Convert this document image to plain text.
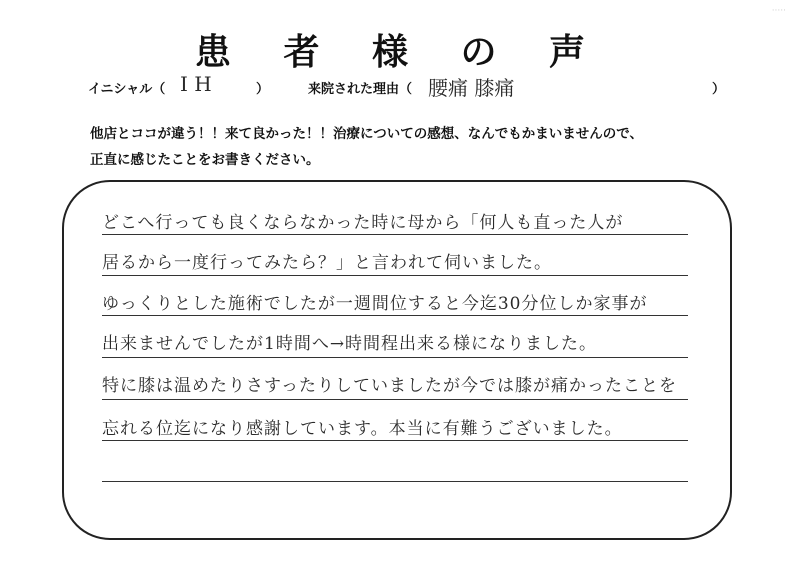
·····
患 者 様 の 声
イニシャル（ I H	）	来院された理由（ 腰痛 膝痛	）
他店とココが違う！！来て良かった！！治療についての感想、なんでもかまいませんので、
正直に感じたことをお書きください。
どこへ行っても良くならなかった時に母から「何人も直った人が
居るから一度行ってみたら？」と言われて伺いました。
ゆっくりとした施術でしたが一週間位すると今迄30分位しか家事が
出来ませんでしたが1時間へ→時間程出来る様になりました。
特に膝は温めたりさすったりしていましたが今では膝が痛かったことを
忘れる位迄になり感謝しています。本当に有難うございました。
